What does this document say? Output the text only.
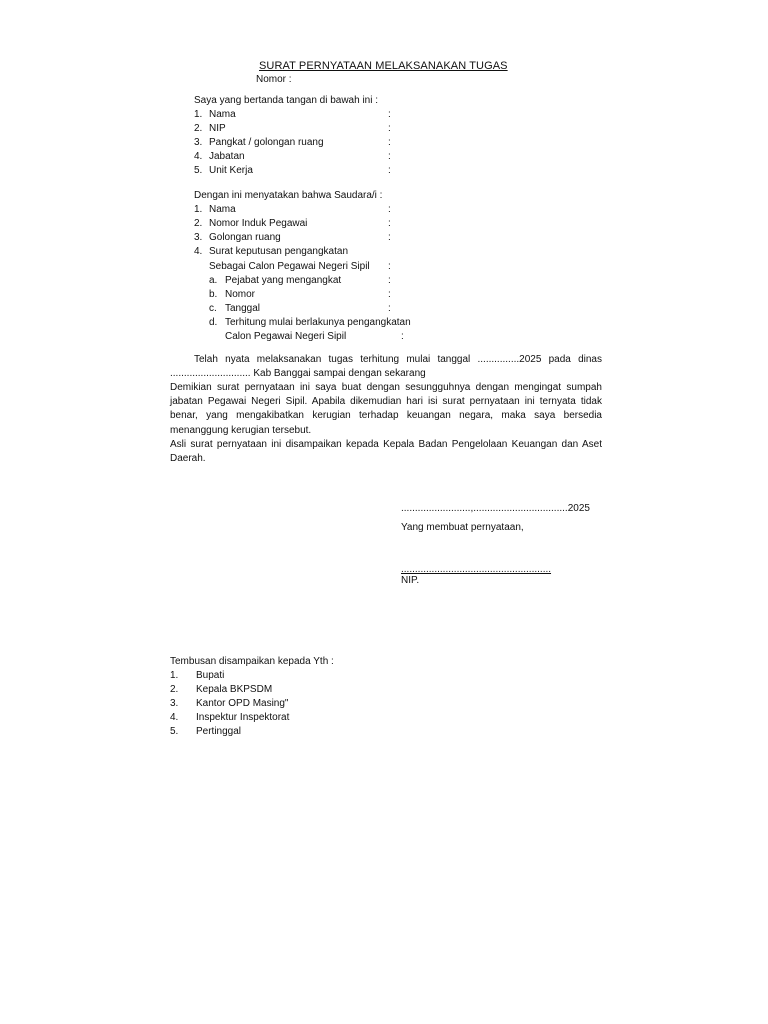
SURAT PERNYATAAN MELAKSANAKAN TUGAS
Nomor :
Saya yang bertanda tangan di bawah ini :
1. Nama	:
2. NIP	:
3. Pangkat / golongan ruang	:
4. Jabatan	:
5. Unit Kerja	:
Dengan ini menyatakan bahwa Saudara/i :
1. Nama	:
2. Nomor Induk Pegawai	:
3. Golongan ruang	:
4. Surat keputusan pengangkatan
Sebagai Calon Pegawai Negeri Sipil :
a. Pejabat yang mengangkat	:
b. Nomor	:
c. Tanggal	:
d. Terhitung mulai berlakunya pengangkatan
Calon Pegawai Negeri Sipil	:
Telah nyata melaksanakan tugas terhitung mulai tanggal ...............2025 pada dinas
............................. Kab Banggai sampai dengan sekarang
Demikian surat pernyataan ini saya buat dengan sesungguhnya dengan mengingat sumpah
jabatan Pegawai Negeri Sipil. Apabila dikemudian hari isi surat pernyataan ini ternyata tidak
benar, yang mengakibatkan kerugian terhadap keuangan negara, maka saya bersedia
menanggung kerugian tersebut.
Asli surat pernyataan ini disampaikan kepada Kepala Badan Pengelolaan Keuangan dan Aset
Daerah.
.........................,..................................2025
Yang membuat pernyataan,
......................................................
NIP.
Tembusan disampaikan kepada Yth :
1. Bupati
2. Kepala BKPSDM
3. Kantor OPD Masing"
4. Inspektur Inspektorat
5. Pertinggal
